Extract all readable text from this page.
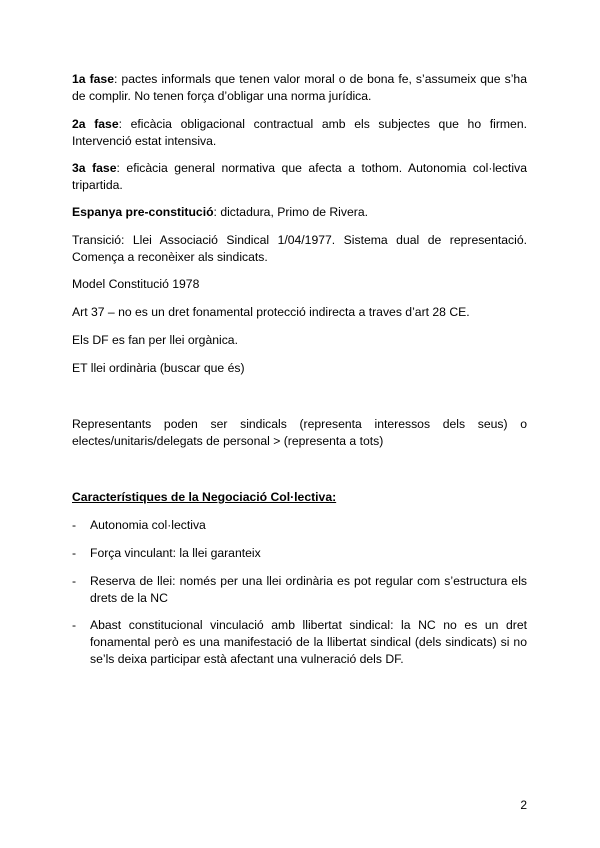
1a fase: pactes informals que tenen valor moral o de bona fe, s’assumeix que s’ha de complir. No tenen força d’obligar una norma jurídica.

2a fase: eficàcia obligacional contractual amb els subjectes que ho firmen. Intervenció estat intensiva.

3a fase: eficàcia general normativa que afecta a tothom. Autonomia col·lectiva tripartida.

Espanya pre-constitució: dictadura, Primo de Rivera.

Transició: Llei Associació Sindical 1/04/1977. Sistema dual de representació. Comença a reconèixer als sindicats.

Model Constitució 1978

Art 37 – no es un dret fonamental protecció indirecta a traves d’art 28 CE.

Els DF es fan per llei orgànica.

ET llei ordinària (buscar que és)

Representants poden ser sindicals (representa interessos dels seus) o electes/unitaris/delegats de personal > (representa a tots)

Característiques de la Negociació Col·lectiva:

-	Autonomia col·lectiva
-	Força vinculant: la llei garanteix
-	Reserva de llei: només per una llei ordinària es pot regular com s’estructura els drets de la NC
-	Abast constitucional vinculació amb llibertat sindical: la NC no es un dret fonamental però es una manifestació de la llibertat sindical (dels sindicats) si no se’ls deixa participar està afectant una vulneració dels DF.
2
